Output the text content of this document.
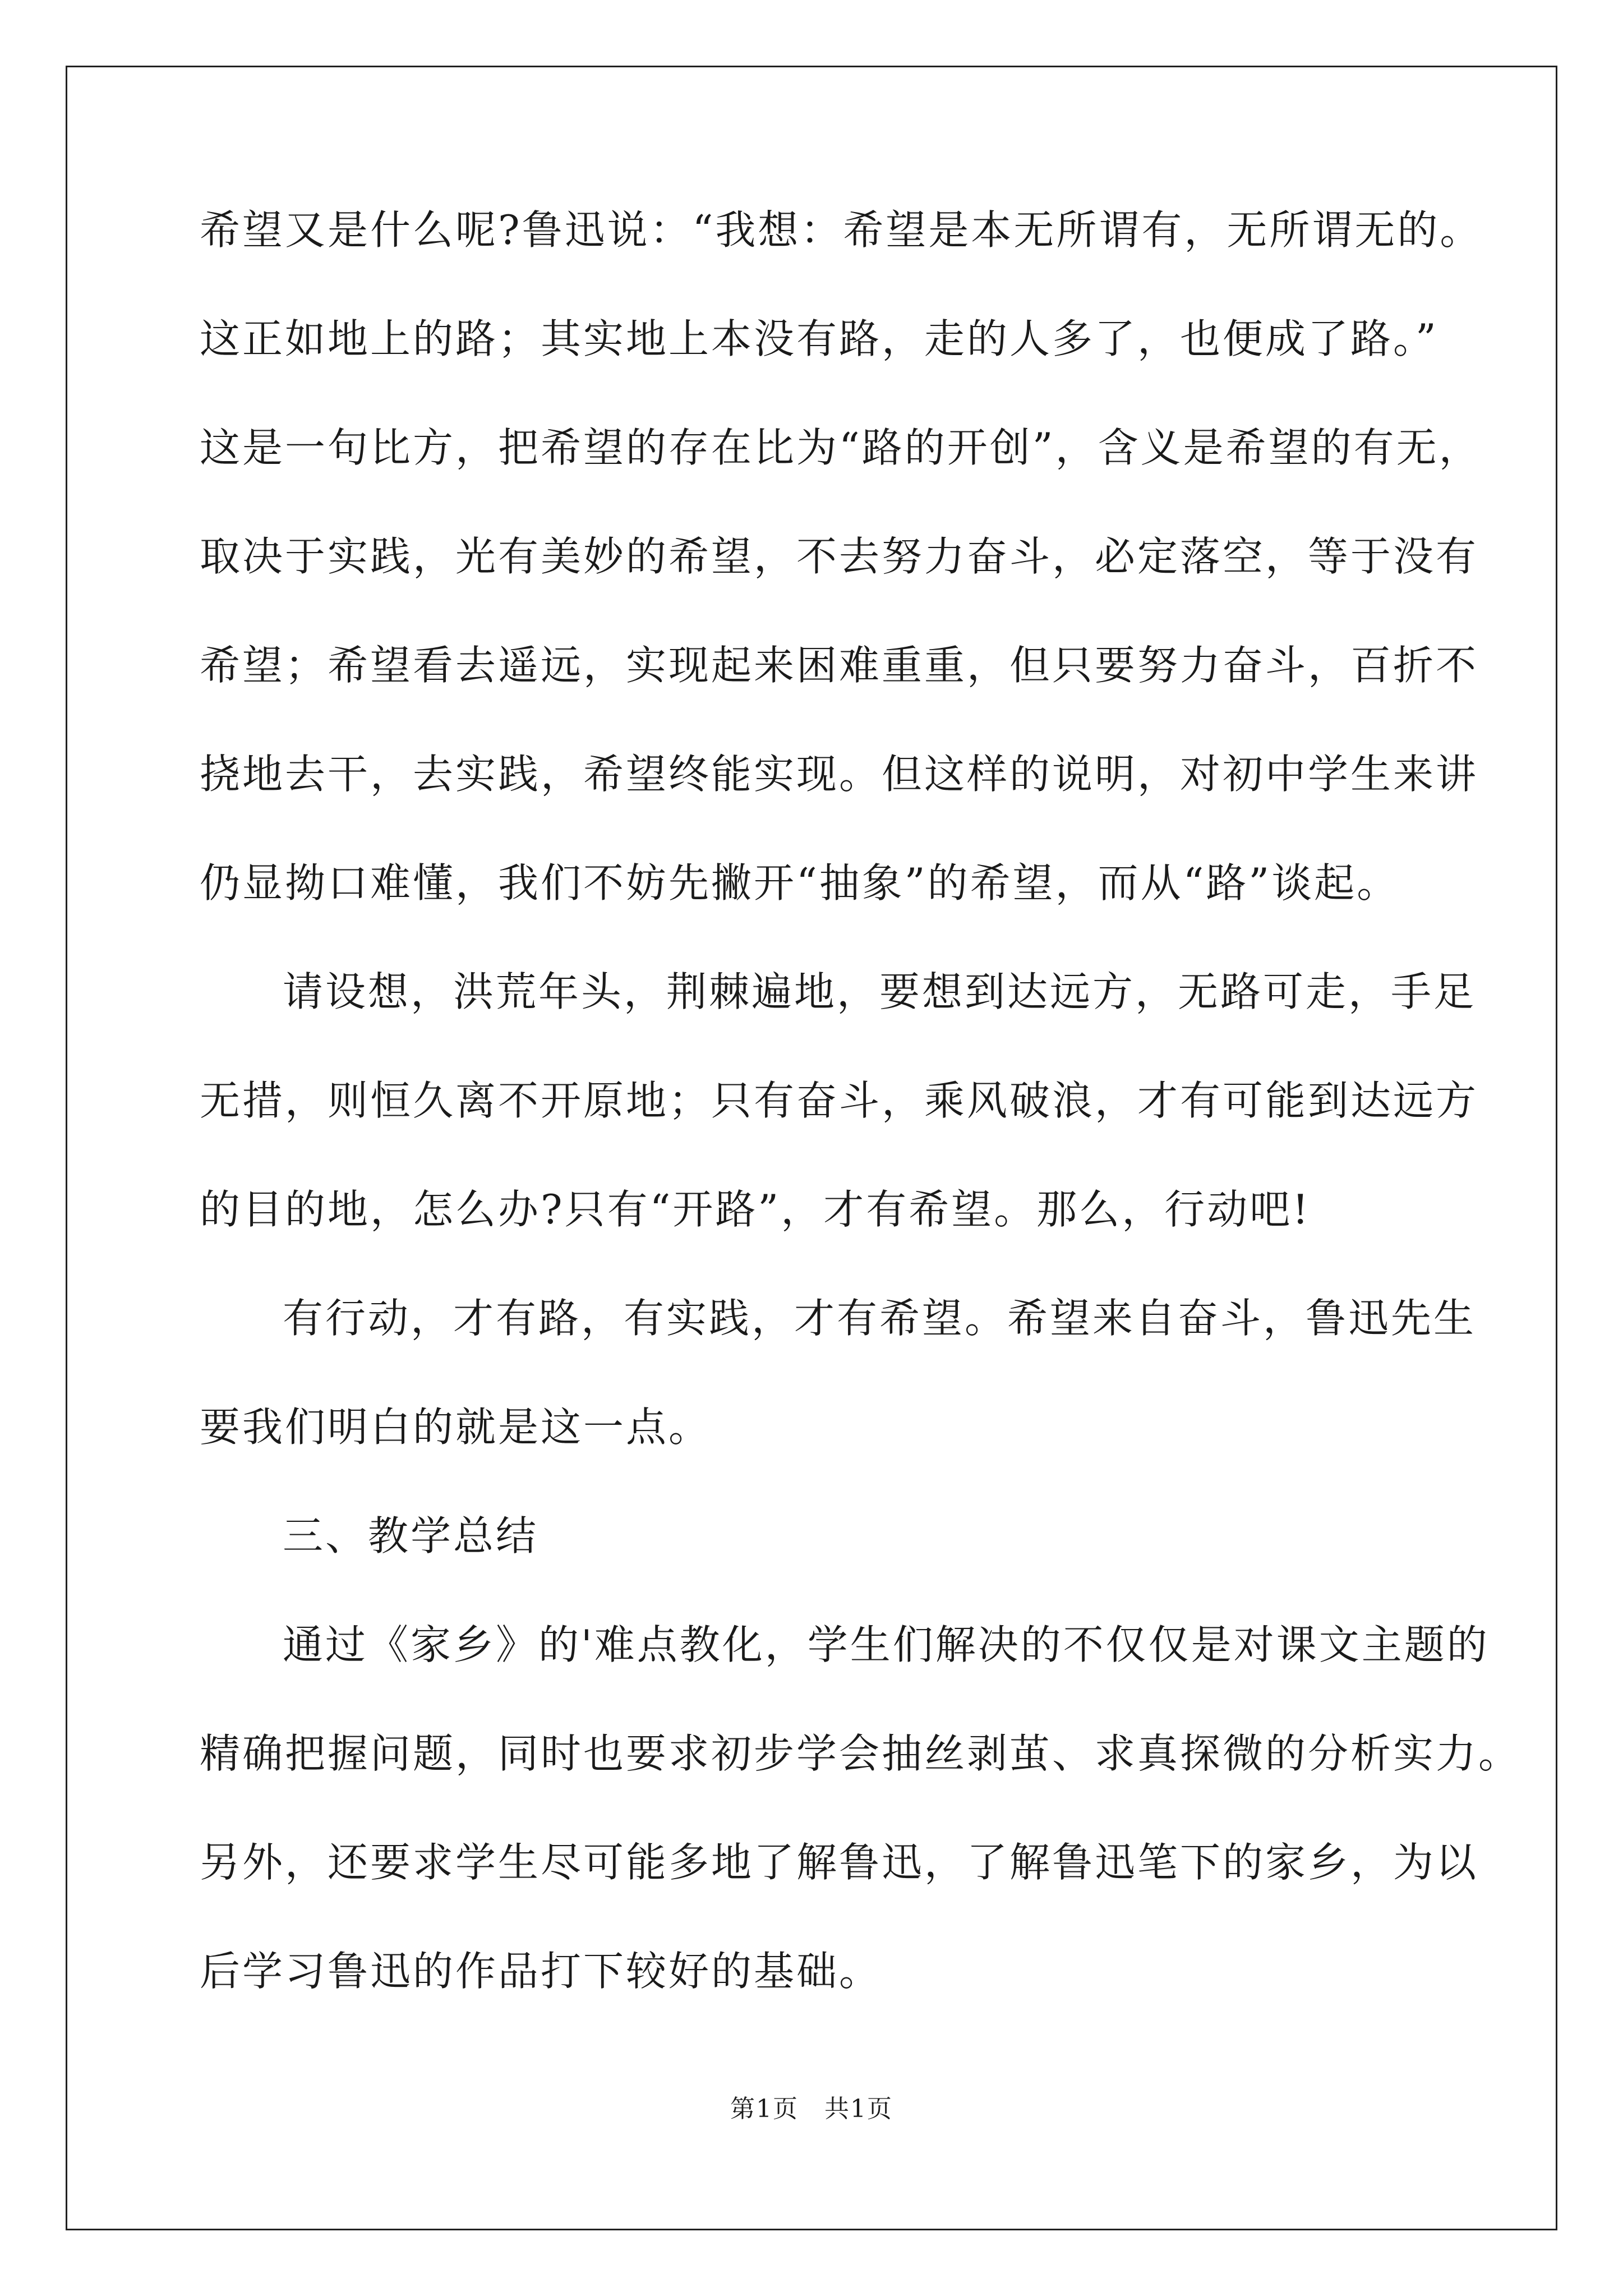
希望又是什么呢?鲁迅说：“我想：希望是本无所谓有，无所谓无的。
这正如地上的路；其实地上本没有路，走的人多了，也便成了路。”
这是一句比方，把希望的存在比为“路的开创”，含义是希望的有无，
取决于实践，光有美妙的希望，不去努力奋斗，必定落空，等于没有
希望；希望看去遥远，实现起来困难重重，但只要努力奋斗，百折不
挠地去干，去实践，希望终能实现。但这样的说明，对初中学生来讲
仍显拗口难懂，我们不妨先撇开“抽象”的希望，而从“路”谈起。
请设想，洪荒年头，荆棘遍地，要想到达远方，无路可走，手足
无措，则恒久离不开原地；只有奋斗，乘风破浪，才有可能到达远方
的目的地，怎么办?只有“开路”，才有希望。那么，行动吧!
有行动，才有路，有实践，才有希望。希望来自奋斗，鲁迅先生
要我们明白的就是这一点。
三、教学总结
通过《家乡》的'难点教化，学生们解决的不仅仅是对课文主题的
精确把握问题，同时也要求初步学会抽丝剥茧、求真探微的分析实力。
另外，还要求学生尽可能多地了解鲁迅，了解鲁迅笔下的家乡，为以
后学习鲁迅的作品打下较好的基础。
第1页　共1页
